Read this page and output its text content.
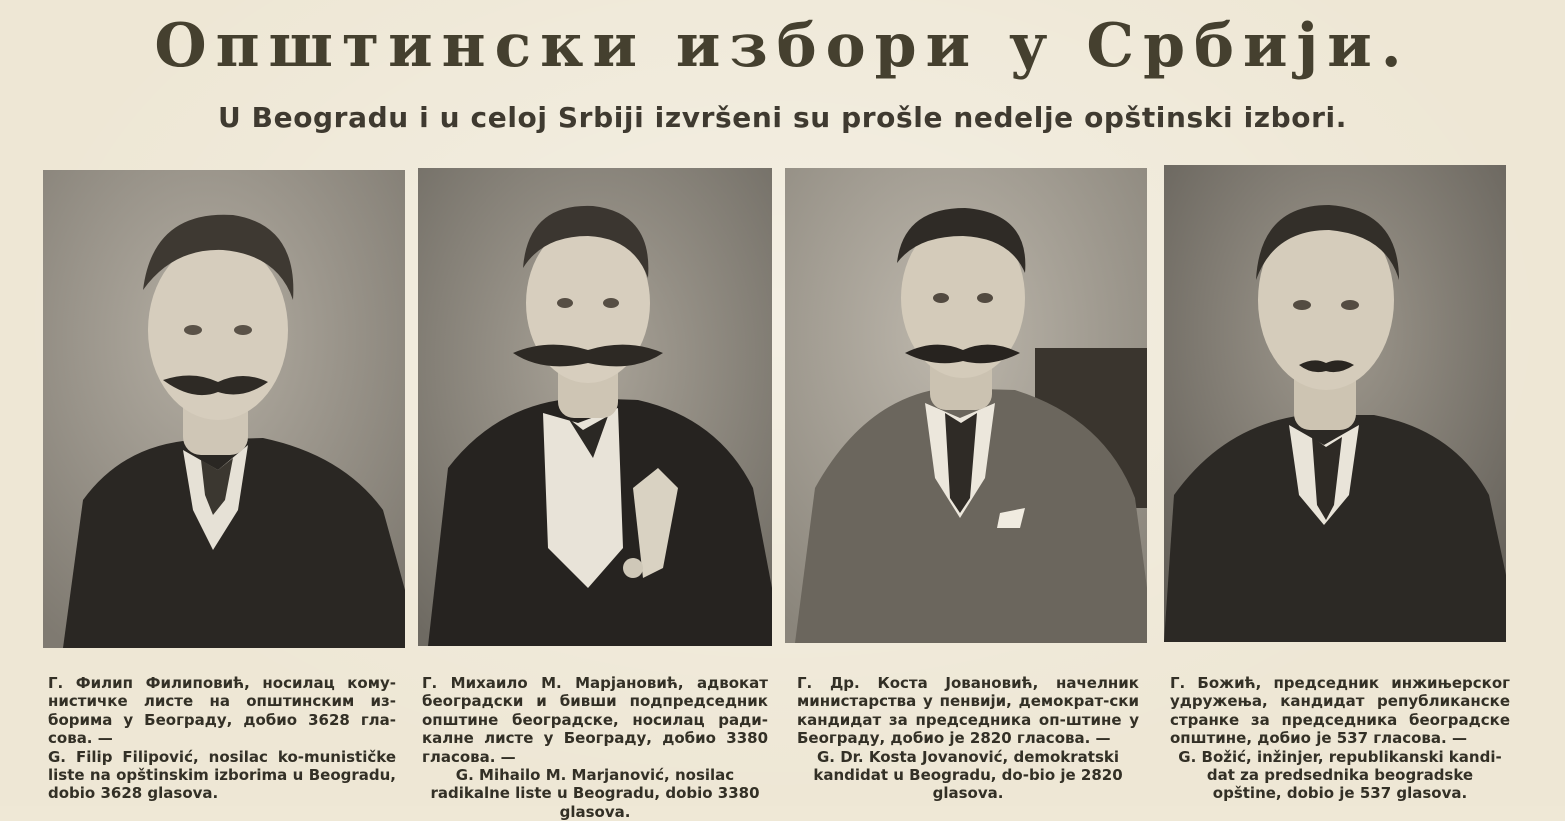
Општински избори у Србији.
U Beogradu i u celoj Srbiji izvršeni su prošle nedelje opštinski izbori.
Г. Филип Филиповић, носилац кому-нистичке листе на општинским из-борима у Београду, добио 3628 гла-сова. —
G. Filip Filipović, nosilac ko-munističke liste na opštinskim izborima u Beogradu, dobio 3628 glasova.
Г. Михаило М. Марјановић, адвокат београдски и бивши подпредседник општине београдске, носилац ради-калне листе у Београду, добио 3380 гласова. —
G. Mihailo M. Marjanović, nosilac radikalne liste u Beogradu, dobio 3380 glasova.
Г. Др. Коста Јовановић, начелник министарства у пенвији, демократ-ски кандидат за председника оп-штине у Београду, добио је 2820 гласова. —
G. Dr. Kosta Jovanović, demokratski kandidat u Beogradu, do-bio je 2820 glasova.
Г. Божић, председник инжињерског удружења, кандидат републиканске странке за председника београдске општине, добио је 537 гласова. —
G. Božić, inžinjer, republikanski kandi-dat za predsednika beogradske opštine, dobio je 537 glasova.
